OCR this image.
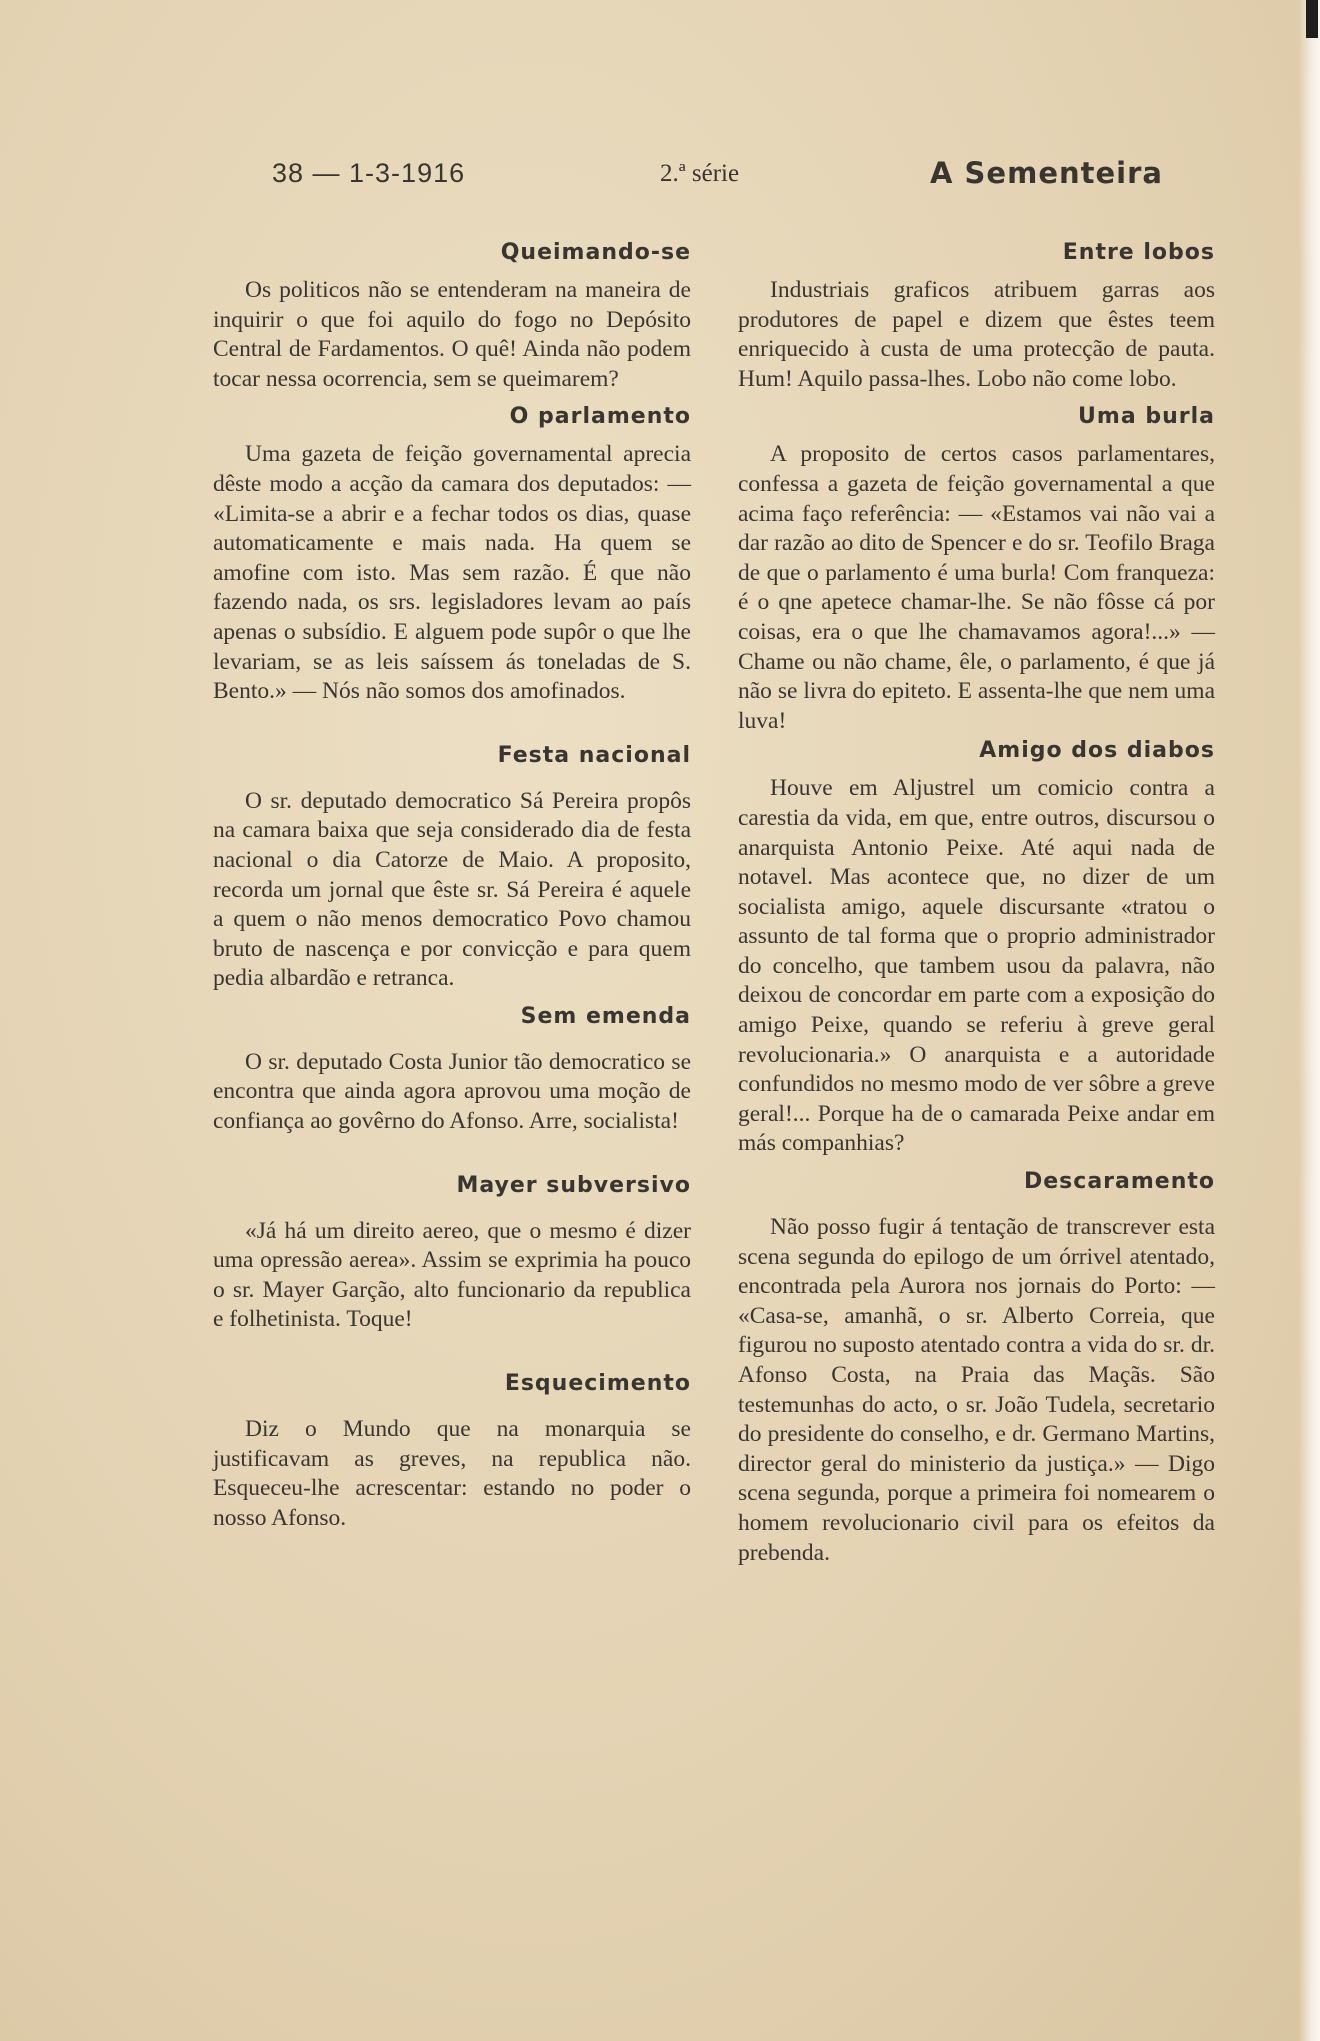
38 — 1-3-1916	2.ª série	A Sementeira
Queimando-se

Os politicos não se entenderam na maneira de inquirir o que foi aquilo do fogo no Depósito Central de Fardamentos. O quê! Ainda não podem tocar nessa ocorrencia, sem se queimarem?

O parlamento

Uma gazeta de feição governamental aprecia dêste modo a acção da camara dos deputados: — «Limita-se a abrir e a fechar todos os dias, quase automaticamente e mais nada. Ha quem se amofine com isto. Mas sem razão. É que não fazendo nada, os srs. legisladores levam ao país apenas o subsídio. E alguem pode supôr o que lhe levariam, se as leis saíssem ás toneladas de S. Bento.» — Nós não somos dos amofinados.

Festa nacional

O sr. deputado democratico Sá Pereira propôs na camara baixa que seja considerado dia de festa nacional o dia Catorze de Maio. A proposito, recorda um jornal que êste sr. Sá Pereira é aquele a quem o não menos democratico Povo chamou bruto de nascença e por convicção e para quem pedia albardão e retranca.

Sem emenda

O sr. deputado Costa Junior tão democratico se encontra que ainda agora aprovou uma moção de confiança ao govêrno do Afonso. Arre, socialista!

Mayer subversivo

«Já há um direito aereo, que o mesmo é dizer uma opressão aerea». Assim se exprimia ha pouco o sr. Mayer Garção, alto funcionario da republica e folhetinista. Toque!

Esquecimento

Diz o Mundo que na monarquia se justificavam as greves, na republica não. Esqueceu-lhe acrescentar: estando no poder o nosso Afonso.

Entre lobos

Industriais graficos atribuem garras aos produtores de papel e dizem que êstes teem enriquecido à custa de uma protecção de pauta. Hum! Aquilo passa-lhes. Lobo não come lobo.

Uma burla

A proposito de certos casos parlamentares, confessa a gazeta de feição governamental a que acima faço referência: — «Estamos vai não vai a dar razão ao dito de Spencer e do sr. Teofilo Braga de que o parlamento é uma burla! Com franqueza: é o qne apetece chamar-lhe. Se não fôsse cá por coisas, era o que lhe chamavamos agora!...» — Chame ou não chame, êle, o parlamento, é que já não se livra do epiteto. E assenta-lhe que nem uma luva!

Amigo dos diabos

Houve em Aljustrel um comicio contra a carestia da vida, em que, entre outros, discursou o anarquista Antonio Peixe. Até aqui nada de notavel. Mas acontece que, no dizer de um socialista amigo, aquele discursante «tratou o assunto de tal forma que o proprio administrador do concelho, que tambem usou da palavra, não deixou de concordar em parte com a exposição do amigo Peixe, quando se referiu à greve geral revolucionaria.» O anarquista e a autoridade confundidos no mesmo modo de ver sôbre a greve geral!... Porque ha de o camarada Peixe andar em más companhias?

Descaramento

Não posso fugir á tentação de transcrever esta scena segunda do epilogo de um órrivel atentado, encontrada pela Aurora nos jornais do Porto: — «Casa-se, amanhã, o sr. Alberto Correia, que figurou no suposto atentado contra a vida do sr. dr. Afonso Costa, na Praia das Maçãs. São testemunhas do acto, o sr. João Tudela, secretario do presidente do conselho, e dr. Germano Martins, director geral do ministerio da justiça.» — Digo scena segunda, porque a primeira foi nomearem o homem revolucionario civil para os efeitos da prebenda.
